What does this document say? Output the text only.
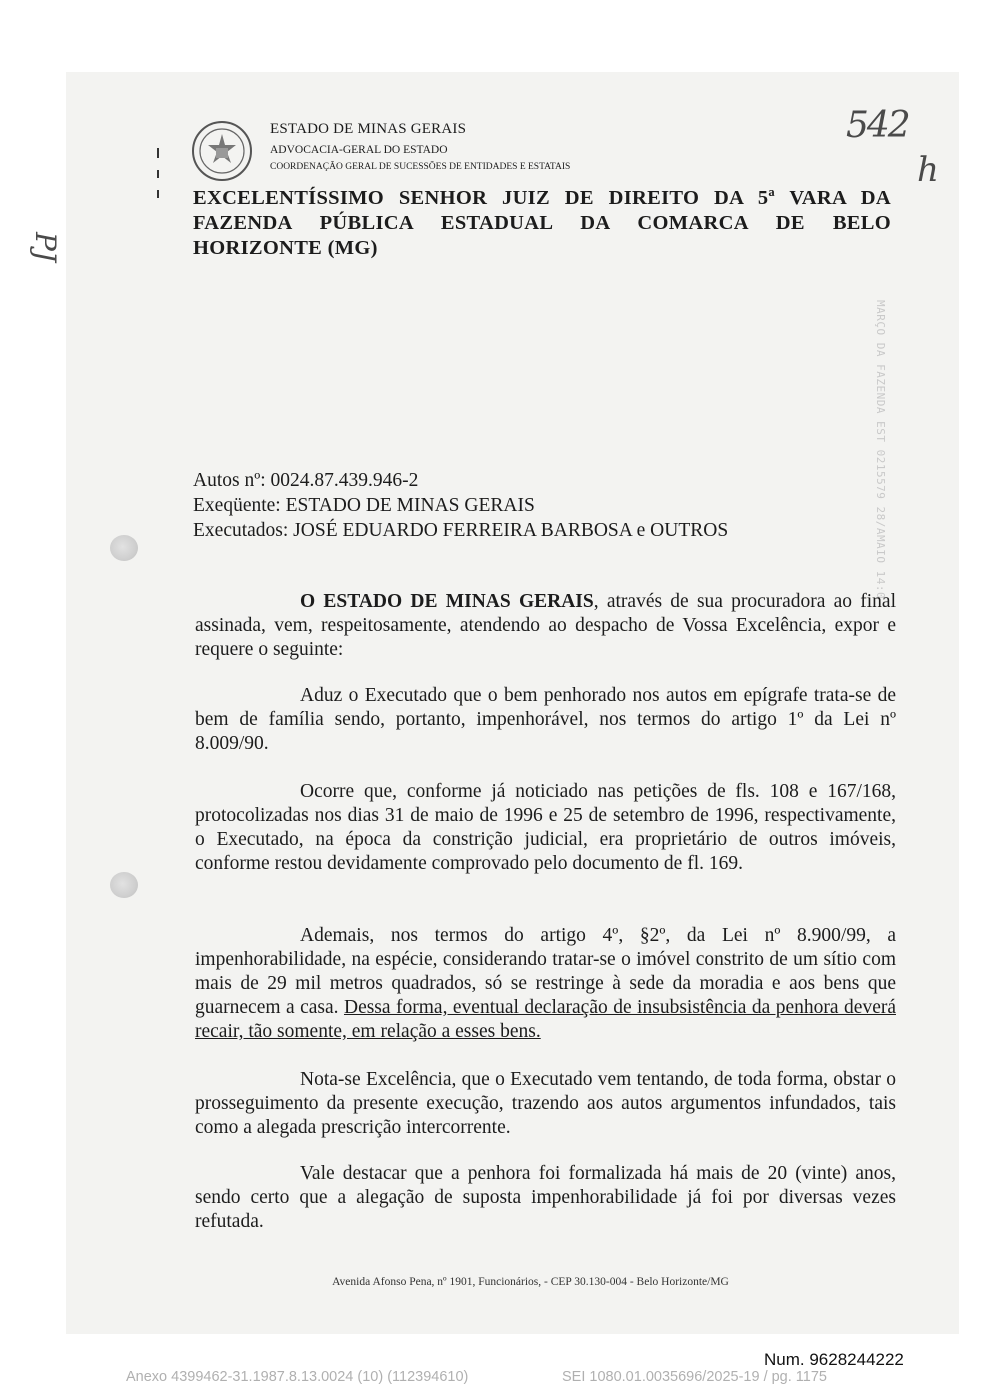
ESTADO DE MINAS GERAIS
ADVOCACIA-GERAL DO ESTADO
COORDENAÇÃO GERAL DE SUCESSÕES DE ENTIDADES E ESTATAIS
542
h
PJ
EXCELENTÍSSIMO SENHOR JUIZ DE DIREITO DA 5ª VARA DA
FAZENDA PÚBLICA ESTADUAL DA COMARCA DE BELO
HORIZONTE (MG)
MARÇO DA FAZENDA EST 0215579 28/AMAIO 14:0
Autos nº: 0024.87.439.946-2
Exeqüente: ESTADO DE MINAS GERAIS
Executados: JOSÉ EDUARDO FERREIRA BARBOSA e OUTROS
O ESTADO DE MINAS GERAIS, através de sua procuradora ao final assinada, vem, respeitosamente, atendendo ao despacho de Vossa Excelência, expor e requere o seguinte:
Aduz o Executado que o bem penhorado nos autos em epígrafe trata-se de bem de família sendo, portanto, impenhorável, nos termos do artigo 1º da Lei nº 8.009/90.
Ocorre que, conforme já noticiado nas petições de fls. 108 e 167/168, protocolizadas nos dias 31 de maio de 1996 e 25 de setembro de 1996, respectivamente, o Executado, na época da constrição judicial, era proprietário de outros imóveis, conforme restou devidamente comprovado pelo documento de fl. 169.
Ademais, nos termos do artigo 4º, §2º, da Lei nº 8.900/99, a impenhorabilidade, na espécie, considerando tratar-se o imóvel constrito de um sítio com mais de 29 mil metros quadrados, só se restringe à sede da moradia e aos bens que guarnecem a casa. Dessa forma, eventual declaração de insubsistência da penhora deverá recair, tão somente, em relação a esses bens.
Nota-se Excelência, que o Executado vem tentando, de toda forma, obstar o prosseguimento da presente execução, trazendo aos autos argumentos infundados, tais como a alegada prescrição intercorrente.
Vale destacar que a penhora foi formalizada há mais de 20 (vinte) anos, sendo certo que a alegação de suposta impenhorabilidade já foi por diversas vezes refutada.
Avenida Afonso Pena, nº 1901, Funcionários, - CEP 30.130-004 - Belo Horizonte/MG
Num. 9628244222
Anexo 4399462-31.1987.8.13.0024 (10) (112394610)	SEI 1080.01.0035696/2025-19 / pg. 1175
